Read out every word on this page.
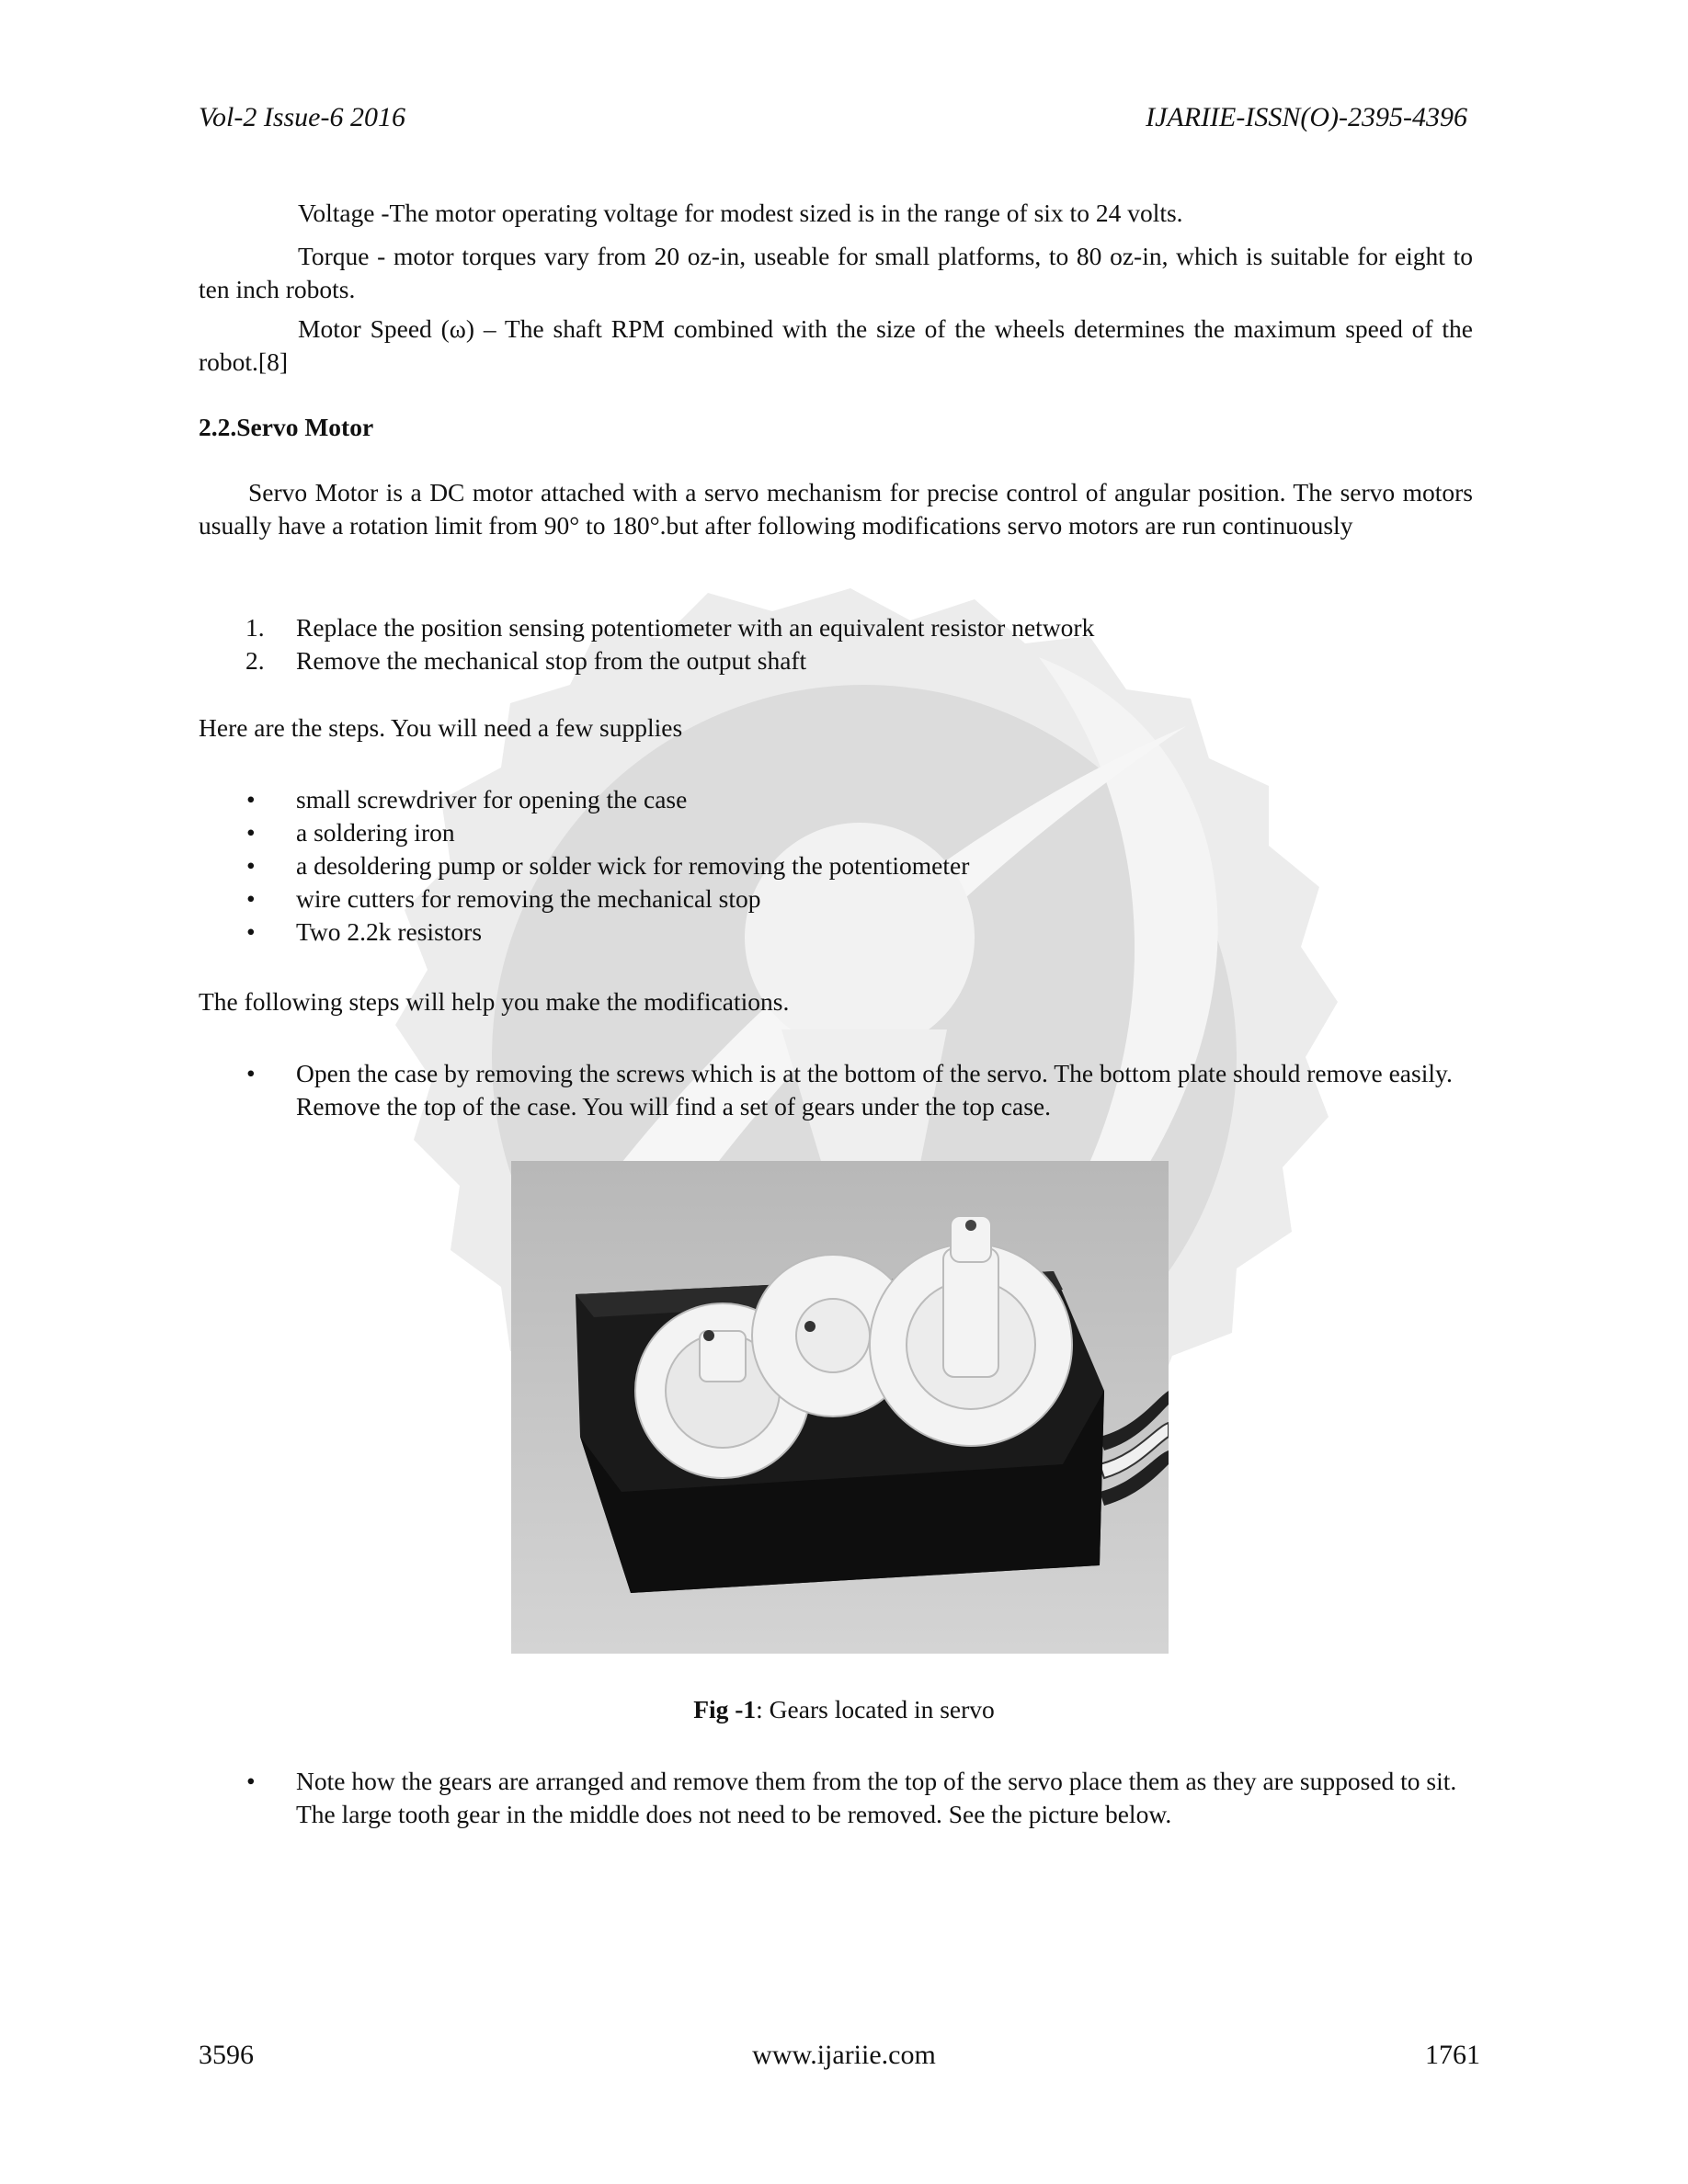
Vol-2 Issue-6 2016	IJARIIE-ISSN(O)-2395-4396
Voltage -The motor operating voltage for modest sized is in the range of six to 24 volts.
Torque - motor torques vary from 20 oz-in, useable for small platforms, to 80 oz-in, which is suitable for eight to ten inch robots.
Motor Speed (ω) – The shaft RPM combined with the size of the wheels determines the maximum speed of the robot.[8]
2.2.Servo Motor
Servo Motor is a DC motor attached with a servo mechanism for precise control of angular position. The servo motors usually have a rotation limit from 90° to 180°.but after following modifications servo motors are run continuously
1. Replace the position sensing potentiometer with an equivalent resistor network
2. Remove the mechanical stop from the output shaft
Here are the steps. You will need a few supplies
• small screwdriver for opening the case
• a soldering iron
• a desoldering pump or solder wick for removing the potentiometer
• wire cutters for removing the mechanical stop
• Two 2.2k resistors
The following steps will help you make the modifications.
• Open the case by removing the screws which is at the bottom of the servo. The bottom plate should remove easily. Remove the top of the case. You will find a set of gears under the top case.
Fig -1: Gears located in servo
• Note how the gears are arranged and remove them from the top of the servo place them as they are supposed to sit. The large tooth gear in the middle does not need to be removed. See the picture below.
3596	www.ijariie.com	1761
